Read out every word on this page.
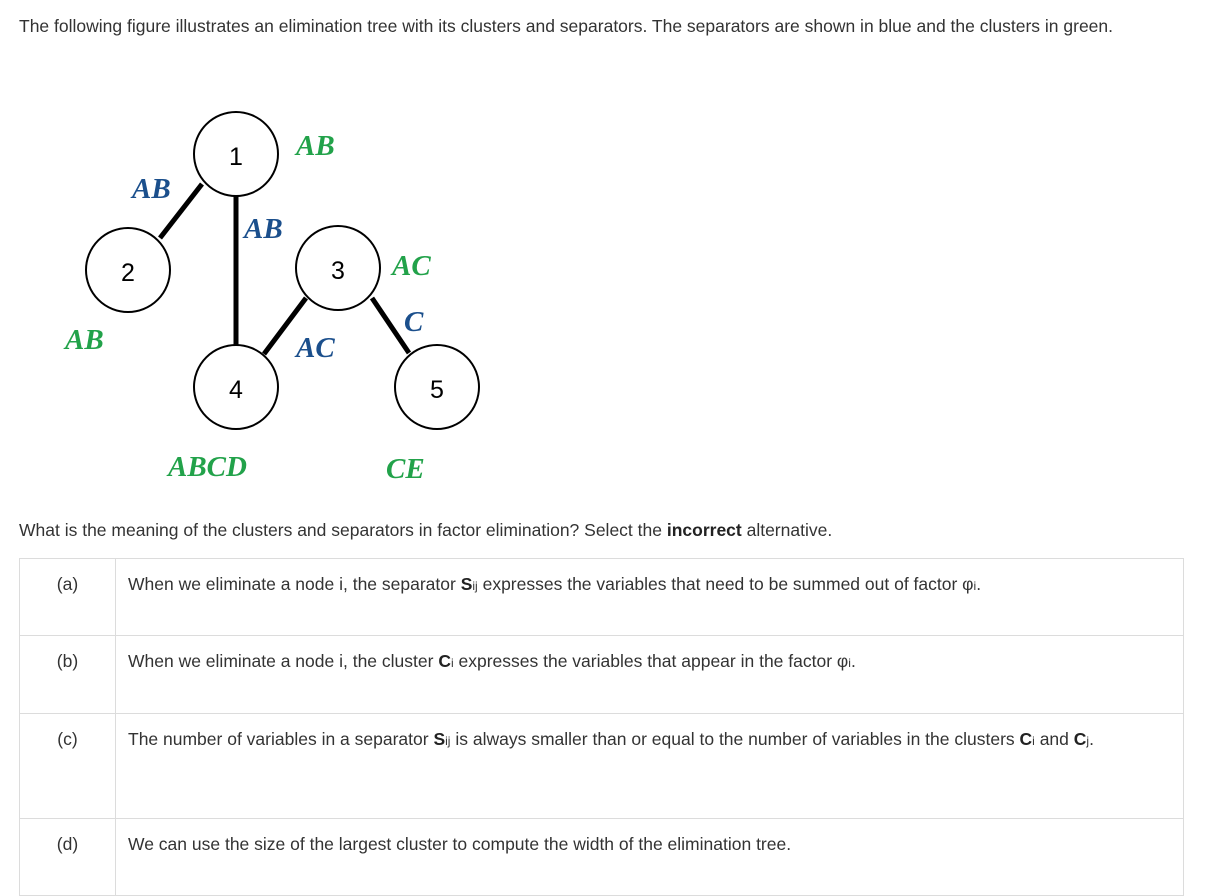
The following figure illustrates an elimination tree with its clusters and separators. The separators are shown in blue and the clusters in green.

1
2	3
4	5
AB
AB
AC
ABCD	CE
AB
AB
AC
C

What is the meaning of the clusters and separators in factor elimination? Select the incorrect alternative.

(a)	When we eliminate a node i, the separator Sij expresses the variables that need to be summed out of factor φi.
(b)	When we eliminate a node i, the cluster Ci expresses the variables that appear in the factor φi.
(c)	The number of variables in a separator Sij is always smaller than or equal to the number of variables in the clusters Ci and Cj.
(d)	We can use the size of the largest cluster to compute the width of the elimination tree.
